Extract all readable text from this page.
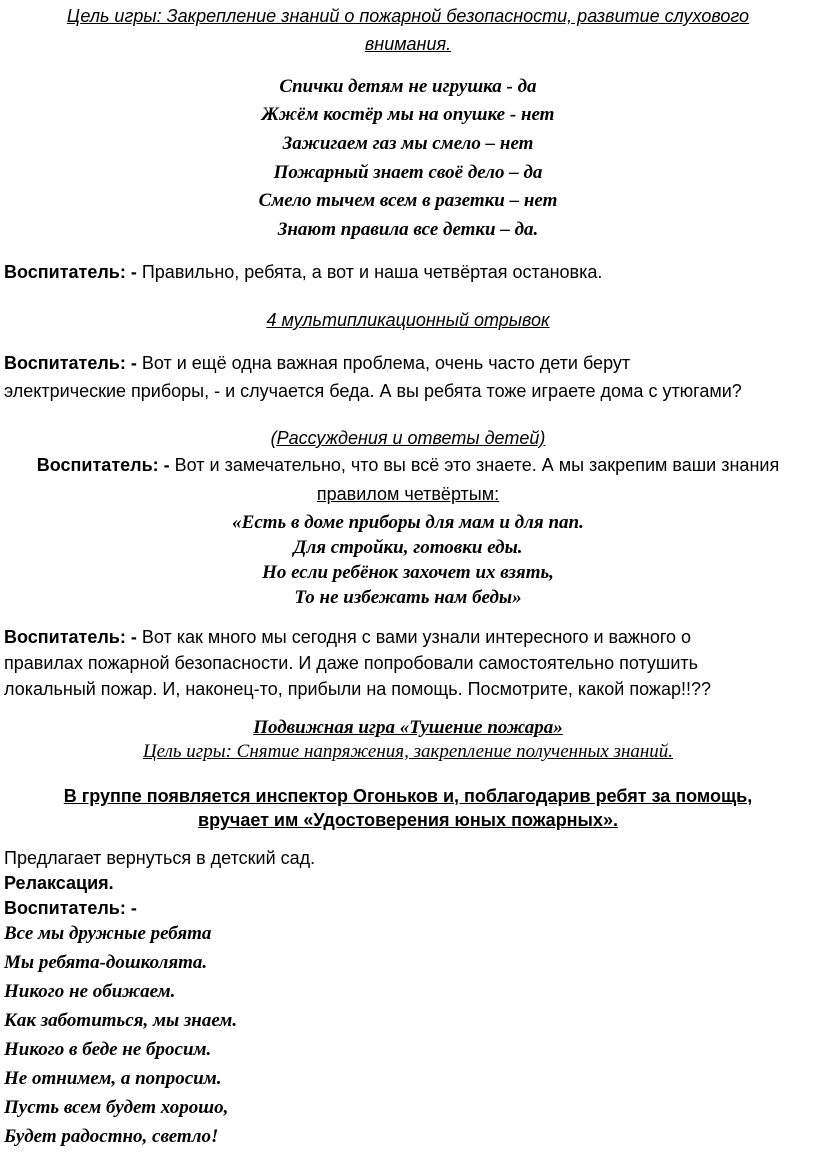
Цель игры: Закрепление знаний о пожарной безопасности, развитие слухового
внимания.
Спички детям не игрушка - да
Жжём костёр мы на опушке - нет
Зажигаем газ мы смело – нет
Пожарный знает своё дело – да
Смело тычем всем в разетки – нет
Знают правила все детки – да.
Воспитатель: - Правильно, ребята, а вот и наша четвёртая остановка.
4 мультипликационный отрывок
Воспитатель: - Вот и ещё одна важная проблема, очень часто дети берут
электрические приборы, - и случается беда. А вы ребята тоже играете дома с утюгами?
(Рассуждения и ответы детей)
Воспитатель: - Вот и замечательно, что вы всё это знаете. А мы закрепим ваши знания
правилом четвёртым:
«Есть в доме приборы для мам и для пап.
Для стройки, готовки еды.
Но если ребёнок захочет их взять,
То не избежать нам беды»
Воспитатель: - Вот как много мы сегодня с вами узнали интересного и важного о
правилах пожарной безопасности. И даже попробовали самостоятельно потушить
локальный пожар. И, наконец-то, прибыли на помощь. Посмотрите, какой пожар!!??
Подвижная игра «Тушение пожара»
Цель игры: Снятие напряжения, закрепление полученных знаний.
В группе появляется инспектор Огоньков и, поблагодарив ребят за помощь,
вручает им «Удостоверения юных пожарных».
Предлагает вернуться в детский сад.
Релаксация.
Воспитатель: -
Все мы дружные ребята
Мы ребята-дошколята.
Никого не обижаем.
Как заботиться, мы знаем.
Никого в беде не бросим.
Не отнимем, а попросим.
Пусть всем будет хорошо,
Будет радостно, светло!
